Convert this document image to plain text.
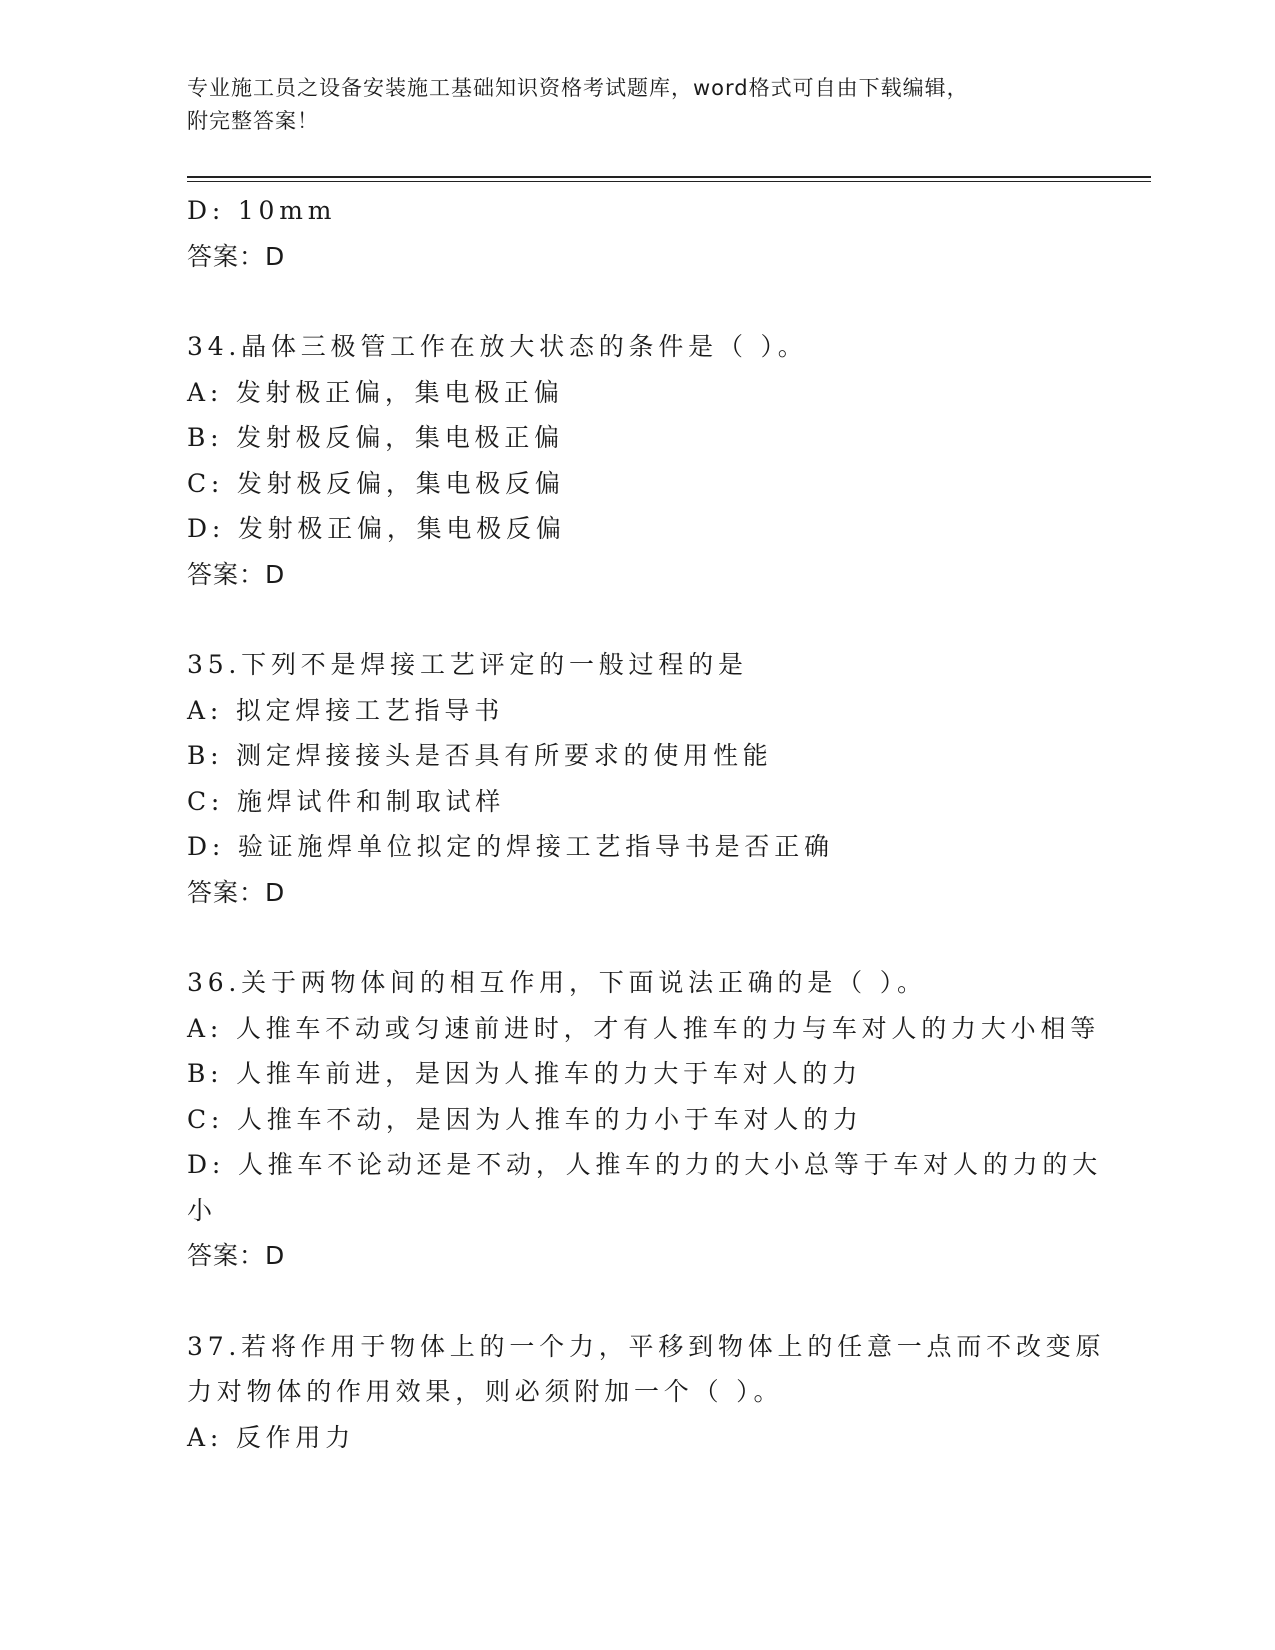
专业施工员之设备安装施工基础知识资格考试题库，word格式可自由下载编辑，
附完整答案！
D: 10mm
答案：D
34.晶体三极管工作在放大状态的条件是（ ）。
A: 发射极正偏，集电极正偏
B: 发射极反偏，集电极正偏
C: 发射极反偏，集电极反偏
D: 发射极正偏，集电极反偏
答案：D
35.下列不是焊接工艺评定的一般过程的是
A: 拟定焊接工艺指导书
B: 测定焊接接头是否具有所要求的使用性能
C: 施焊试件和制取试样
D: 验证施焊单位拟定的焊接工艺指导书是否正确
答案：D
36.关于两物体间的相互作用，下面说法正确的是（ ）。
A: 人推车不动或匀速前进时，才有人推车的力与车对人的力大小相等
B: 人推车前进，是因为人推车的力大于车对人的力
C: 人推车不动，是因为人推车的力小于车对人的力
D: 人推车不论动还是不动，人推车的力的大小总等于车对人的力的大
小
答案：D
37.若将作用于物体上的一个力，平移到物体上的任意一点而不改变原
力对物体的作用效果，则必须附加一个（ ）。
A: 反作用力
